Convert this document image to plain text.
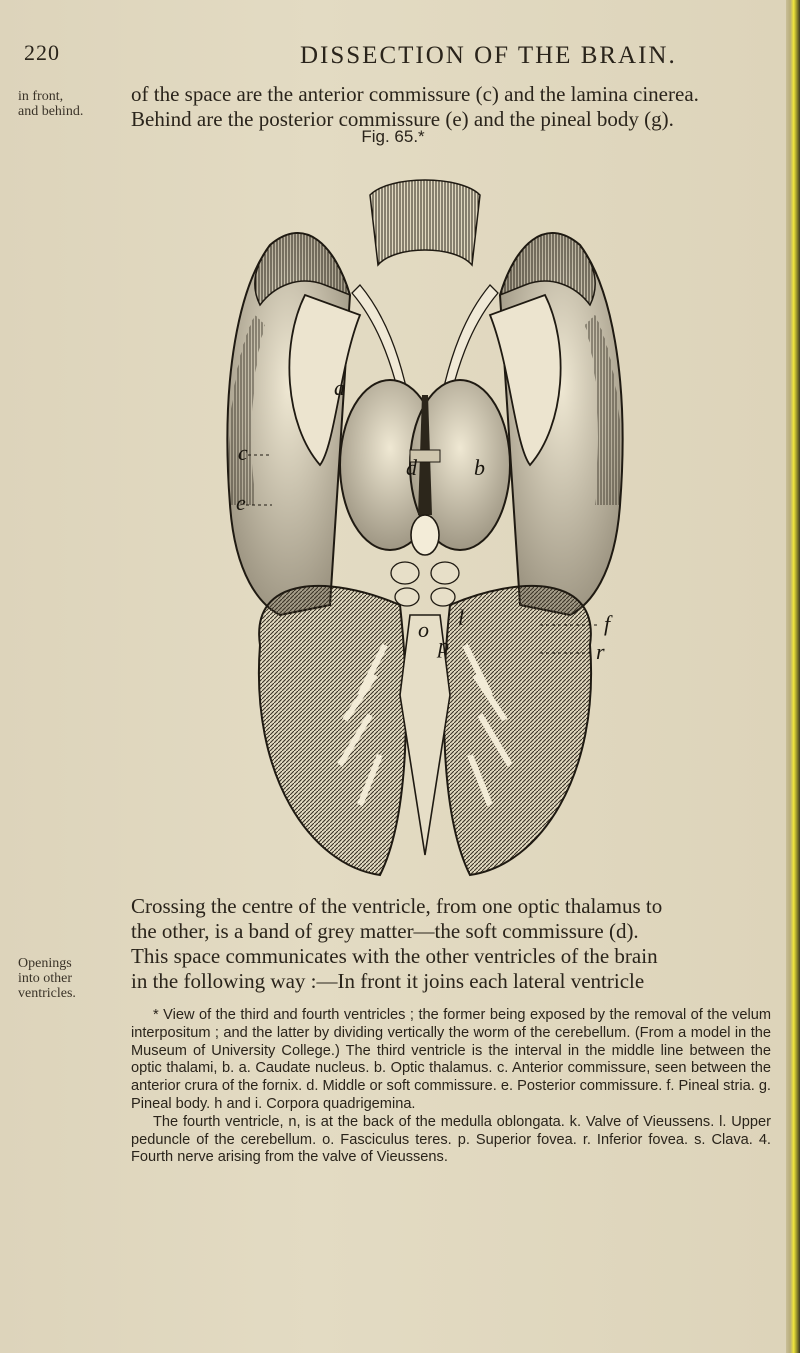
220	DISSECTION OF THE BRAIN.
in front,
and behind.
of the space are the anterior commissure (c) and the lamina cinerea.
Behind are the posterior commissure (e) and the pineal body (g).
Fig. 65.*
c
e
a
b
d
l
o
p
f
r
Crossing the centre of the ventricle, from one optic thalamus to
the other, is a band of grey matter—the soft commissure (d).
This space communicates with the other ventricles of the brain
in the following way :—In front it joins each lateral ventricle
Openings
into other
ventricles.

* View of the third and fourth ventricles ; the former being exposed by the removal of the velum interpositum ; and the latter by dividing vertically the worm of the cerebellum. (From a model in the Museum of University College.) The third ventricle is the interval in the middle line between the optic thalami, b. a. Caudate nucleus. b. Optic thalamus. c. Anterior commissure, seen between the anterior crura of the fornix. d. Middle or soft commissure. e. Posterior commissure. f. Pineal stria. g. Pineal body. h and i. Corpora quadrigemina.

The fourth ventricle, n, is at the back of the medulla oblongata. k. Valve of Vieussens. l. Upper peduncle of the cerebellum. o. Fasciculus teres. p. Superior fovea. r. Inferior fovea. s. Clava. 4. Fourth nerve arising from the valve of Vieussens.
